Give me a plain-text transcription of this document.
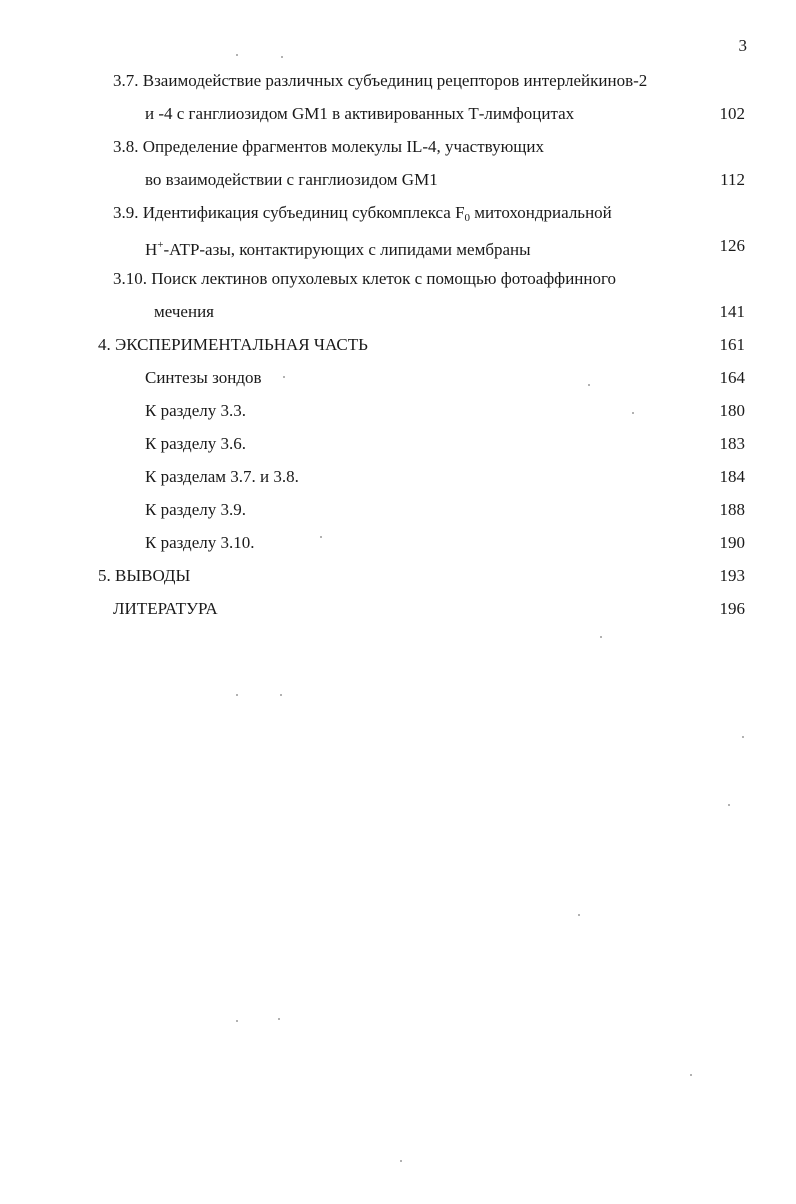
3
3.7. Взаимодействие различных субъединиц рецепторов интерлейкинов-2
и -4 с ганглиозидом GM1 в активированных Т-лимфоцитах	102
3.8. Определение фрагментов молекулы IL-4, участвующих
во взаимодействии с ганглиозидом GM1	112
3.9. Идентификация субъединиц субкомплекса F0 митохондриальной
H+-ATP-азы, контактирующих с липидами мембраны	126
3.10. Поиск лектинов опухолевых клеток с помощью фотоаффинного
мечения	141
4. ЭКСПЕРИМЕНТАЛЬНАЯ ЧАСТЬ	161
Синтезы зондов	164
К разделу 3.3.	180
К разделу 3.6.	183
К разделам 3.7. и 3.8.	184
К разделу 3.9.	188
К разделу 3.10.	190
5. ВЫВОДЫ	193
ЛИТЕРАТУРА	196
